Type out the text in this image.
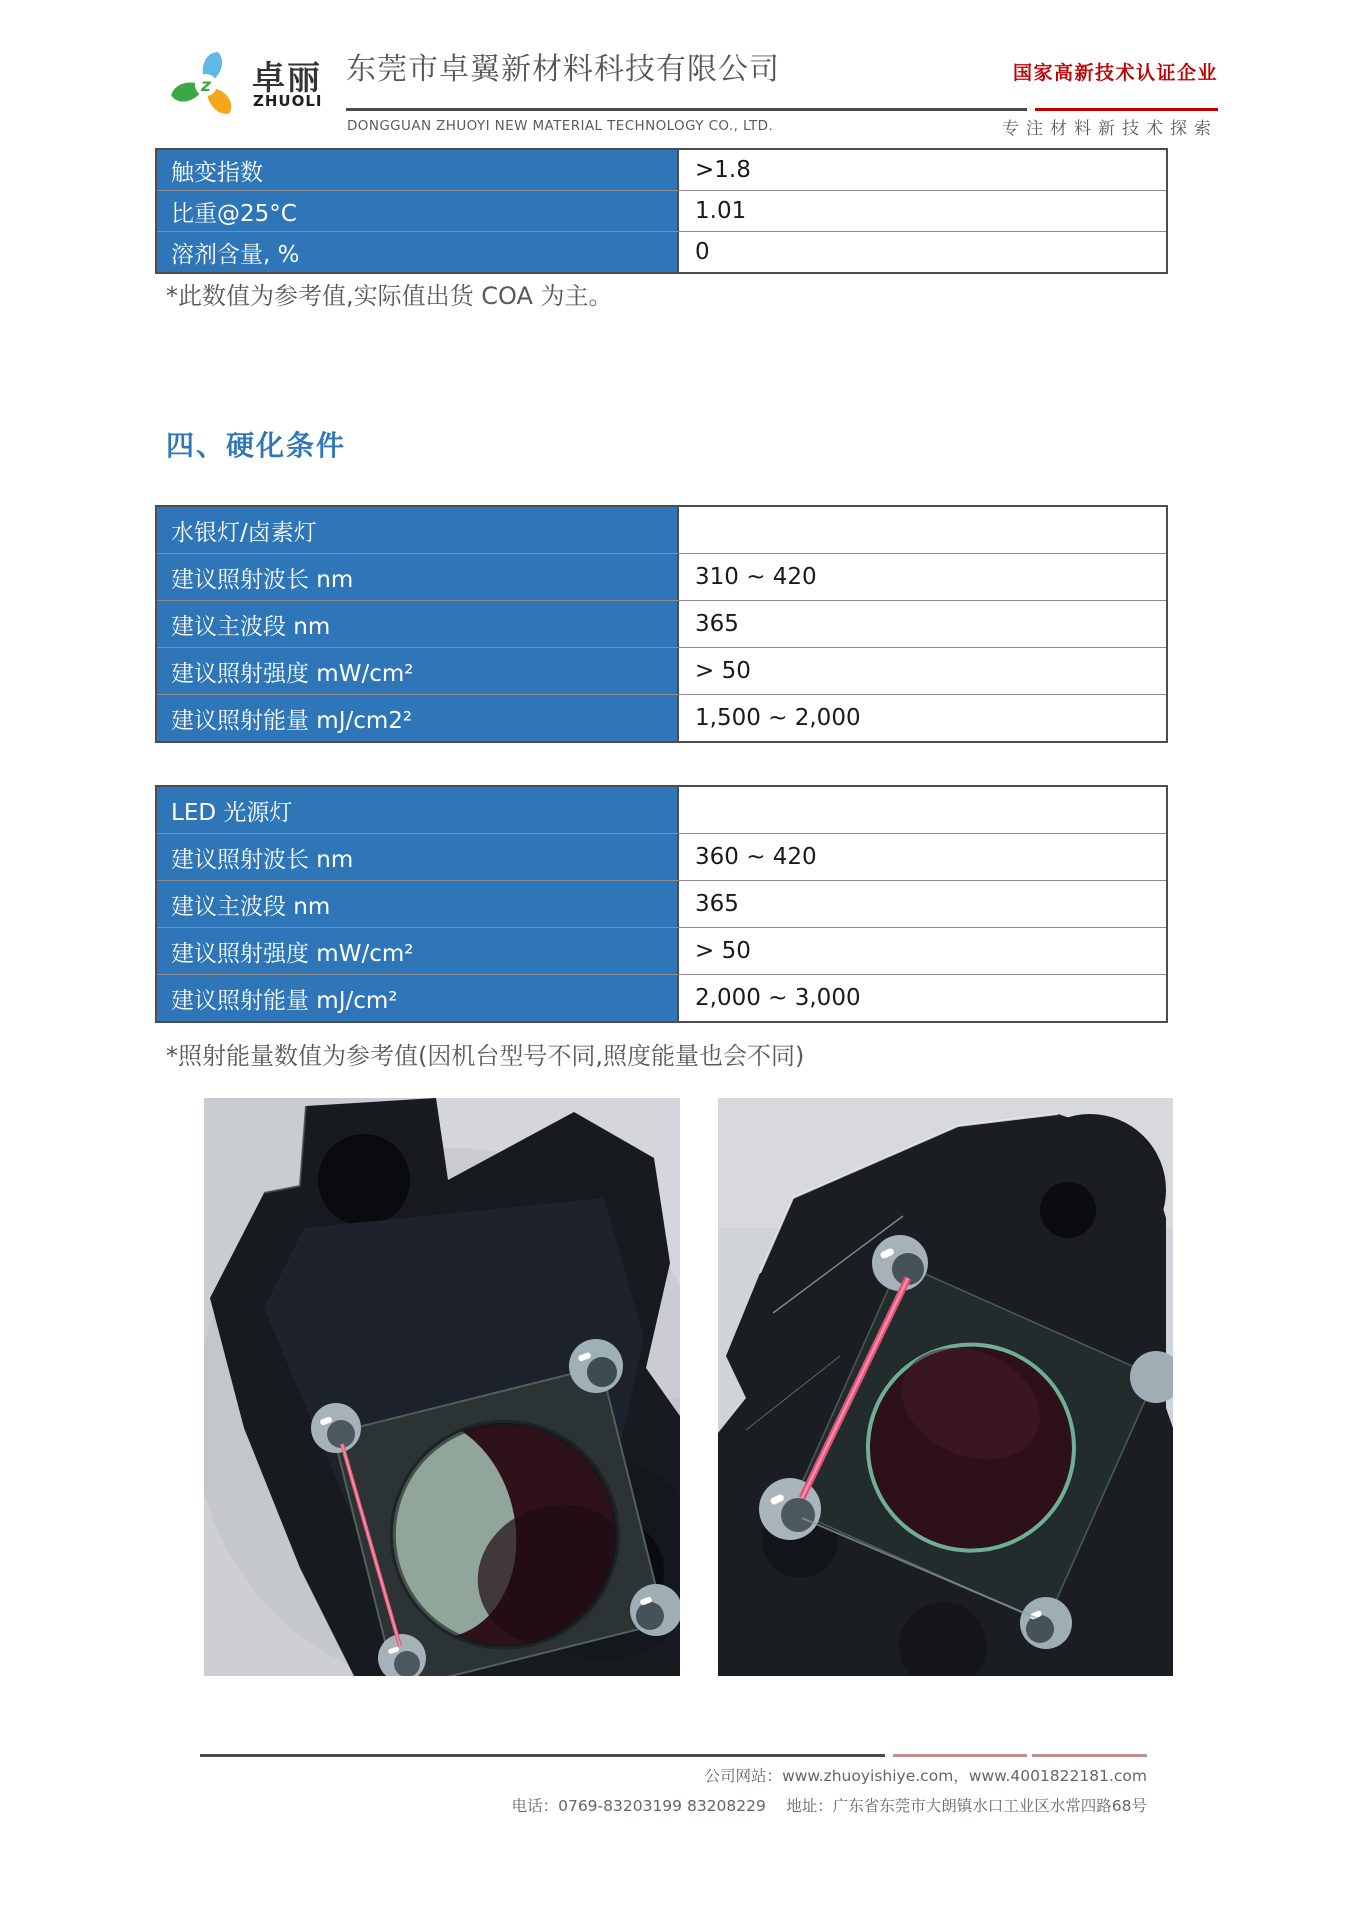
z 卓丽
ZHUOLI
东莞市卓翼新材料科技有限公司
DONGGUAN ZHUOYI NEW MATERIAL TECHNOLOGY CO., LTD.
国家高新技术认证企业
专注材料新技术探索
触变指数	>1.8
比重@25°C	1.01
溶剂含量, %	0
*此数值为参考值,实际值出货 COA 为主。
四、硬化条件
水银灯/卤素灯
建议照射波长 nm	310 ~ 420
建议主波段 nm	365
建议照射强度 mW/cm²	> 50
建议照射能量 mJ/cm2²	1,500 ~ 2,000
LED 光源灯
建议照射波长 nm	360 ~ 420
建议主波段 nm	365
建议照射强度 mW/cm²	> 50
建议照射能量 mJ/cm²	2,000 ~ 3,000
*照射能量数值为参考值(因机台型号不同,照度能量也会不同)
公司网站：www.zhuoyishiye.com，www.4001822181.com
电话：0769-83203199 83208229　 地址：广东省东莞市大朗镇水口工业区水常四路68号
